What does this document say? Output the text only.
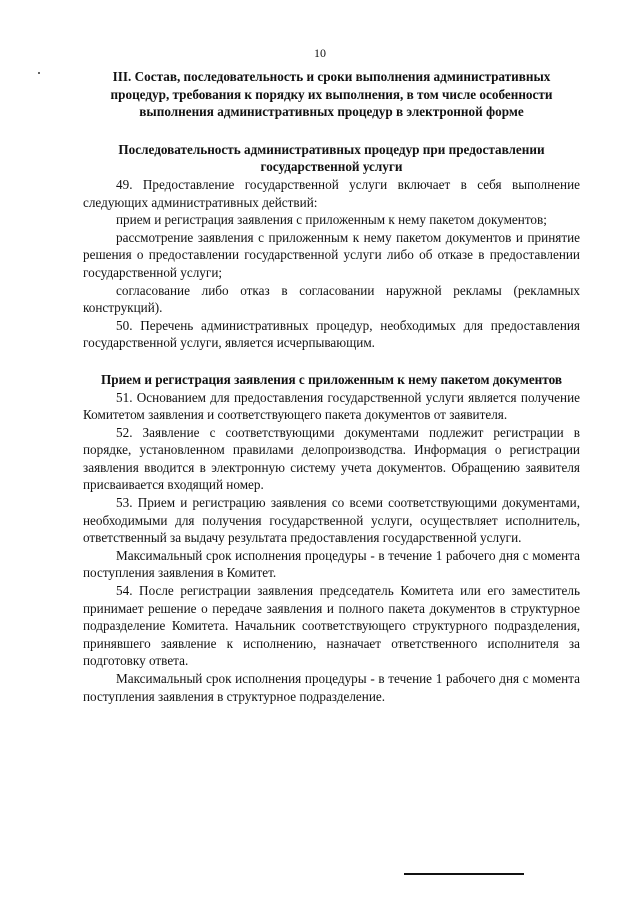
10
III. Состав, последовательность и сроки выполнения административных процедур, требования к порядку их выполнения, в том числе особенности выполнения административных процедур в электронной форме
Последовательность административных процедур при предоставлении государственной услуги

49. Предоставление государственной услуги включает в себя выполнение следующих административных действий:

прием и регистрация заявления с приложенным к нему пакетом документов;

рассмотрение заявления с приложенным к нему пакетом документов и принятие решения о предоставлении государственной услуги либо об отказе в предоставлении государственной услуги;

согласование либо отказ в согласовании наружной рекламы (рекламных конструкций).

50. Перечень административных процедур, необходимых для предоставления государственной услуги, является исчерпывающим.

Прием и регистрация заявления с приложенным к нему пакетом документов

51. Основанием для предоставления государственной услуги является получение Комитетом заявления и соответствующего пакета документов от заявителя.

52. Заявление с соответствующими документами подлежит регистрации в порядке, установленном правилами делопроизводства. Информация о регистрации заявления вводится в электронную систему учета документов. Обращению заявителя присваивается входящий номер.

53. Прием и регистрацию заявления со всеми соответствующими документами, необходимыми для получения государственной услуги, осуществляет исполнитель, ответственный за выдачу результата предоставления государственной услуги.

Максимальный срок исполнения процедуры - в течение 1 рабочего дня с момента поступления заявления в Комитет.

54. После регистрации заявления председатель Комитета или его заместитель принимает решение о передаче заявления и полного пакета документов в структурное подразделение Комитета. Начальник соответствующего структурного подразделения, принявшего заявление к исполнению, назначает ответственного исполнителя за подготовку ответа.

Максимальный срок исполнения процедуры - в течение 1 рабочего дня с момента поступления заявления в структурное подразделение.
